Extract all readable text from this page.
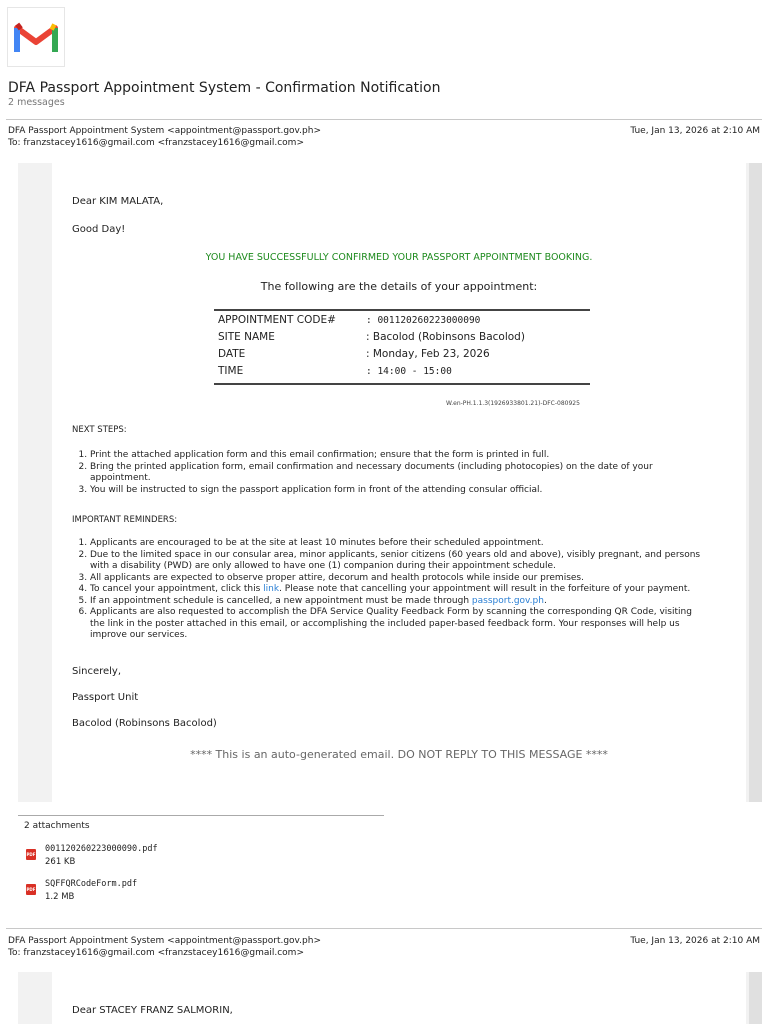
DFA Passport Appointment System - Confirmation Notification
2 messages
DFA Passport Appointment System <appointment@passport.gov.ph>
To: franzstacey1616@gmail.com <franzstacey1616@gmail.com>
Tue, Jan 13, 2026 at 2:10 AM
Dear KIM MALATA,
Good Day!
YOU HAVE SUCCESSFULLY CONFIRMED YOUR PASSPORT APPOINTMENT BOOKING.
The following are the details of your appointment:
APPOINTMENT CODE#	: 001120260223000090
SITE NAME	: Bacolod (Robinsons Bacolod)
DATE	: Monday, Feb 23, 2026
TIME	: 14:00 - 15:00
W.en-PH.1.1.3(1926933801.21)-DFC-080925
NEXT STEPS:
1. Print the attached application form and this email confirmation; ensure that the form is printed in full.
2. Bring the printed application form, email confirmation and necessary documents (including photocopies) on the date of your appointment.
3. You will be instructed to sign the passport application form in front of the attending consular official.
IMPORTANT REMINDERS:
1. Applicants are encouraged to be at the site at least 10 minutes before their scheduled appointment.
2. Due to the limited space in our consular area, minor applicants, senior citizens (60 years old and above), visibly pregnant, and persons with a disability (PWD) are only allowed to have one (1) companion during their appointment schedule.
3. All applicants are expected to observe proper attire, decorum and health protocols while inside our premises.
4. To cancel your appointment, click this link. Please note that cancelling your appointment will result in the forfeiture of your payment.
5. If an appointment schedule is cancelled, a new appointment must be made through passport.gov.ph.
6. Applicants are also requested to accomplish the DFA Service Quality Feedback Form by scanning the corresponding QR Code, visiting the link in the poster attached in this email, or accomplishing the included paper-based feedback form. Your responses will help us improve our services.
Sincerely,
Passport Unit
Bacolod (Robinsons Bacolod)
**** This is an auto-generated email. DO NOT REPLY TO THIS MESSAGE ****
2 attachments
PDF
001120260223000090.pdf
261 KB
PDF
SQFFQRCodeForm.pdf
1.2 MB
DFA Passport Appointment System <appointment@passport.gov.ph>
To: franzstacey1616@gmail.com <franzstacey1616@gmail.com>
Tue, Jan 13, 2026 at 2:10 AM
Dear STACEY FRANZ SALMORIN,
